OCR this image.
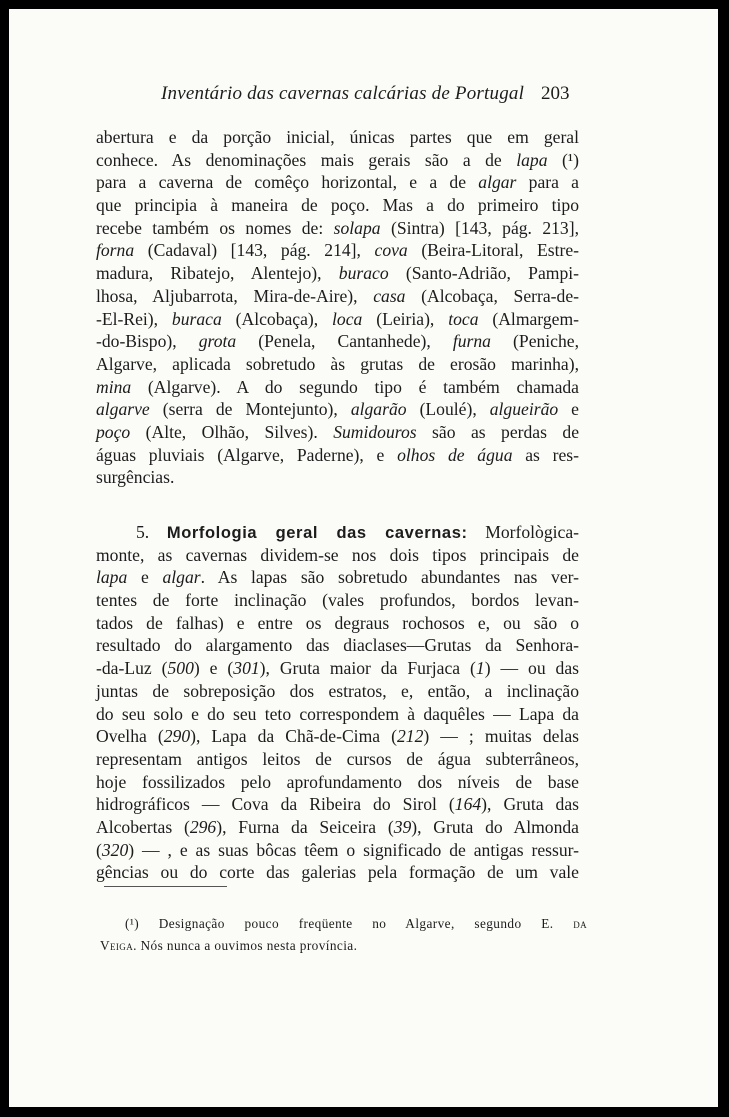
Inventário das cavernas calcárias de Portugal 203
abertura e da porção inicial, únicas partes que em geral
conhece. As denominações mais gerais são a de lapa (¹)
para a caverna de comêço horizontal, e a de algar para a
que principia à maneira de poço. Mas a do primeiro tipo
recebe também os nomes de: solapa (Sintra) [143, pág. 213],
forna (Cadaval) [143, pág. 214], cova (Beira-Litoral, Estre-
madura, Ribatejo, Alentejo), buraco (Santo-Adrião, Pampi-
lhosa, Aljubarrota, Mira-de-Aire), casa (Alcobaça, Serra-de-
-El-Rei), buraca (Alcobaça), loca (Leiria), toca (Almargem-
-do-Bispo), grota (Penela, Cantanhede), furna (Peniche,
Algarve, aplicada sobretudo às grutas de erosão marinha),
mina (Algarve). A do segundo tipo é também chamada
algarve (serra de Montejunto), algarão (Loulé), algueirão e
poço (Alte, Olhão, Silves). Sumidouros são as perdas de
águas pluviais (Algarve, Paderne), e olhos de água as res-
surgências.
5. Morfologia geral das cavernas: Morfològica-
monte, as cavernas dividem-se nos dois tipos principais de
lapa e algar. As lapas são sobretudo abundantes nas ver-
tentes de forte inclinação (vales profundos, bordos levan-
tados de falhas) e entre os degraus rochosos e, ou são o
resultado do alargamento das diaclases—Grutas da Senhora-
-da-Luz (500) e (301), Gruta maior da Furjaca (1) — ou das
juntas de sobreposição dos estratos, e, então, a inclinação
do seu solo e do seu teto correspondem à daquêles — Lapa da
Ovelha (290), Lapa da Chã-de-Cima (212) — ; muitas delas
representam antigos leitos de cursos de água subterrâneos,
hoje fossilizados pelo aprofundamento dos níveis de base
hidrográficos — Cova da Ribeira do Sirol (164), Gruta das
Alcobertas (296), Furna da Seiceira (39), Gruta do Almonda
(320) — , e as suas bôcas têem o significado de antigas ressur-
gências ou do corte das galerias pela formação de um vale
(¹) Designação pouco freqüente no Algarve, segundo E. da
Veiga. Nós nunca a ouvimos nesta província.
